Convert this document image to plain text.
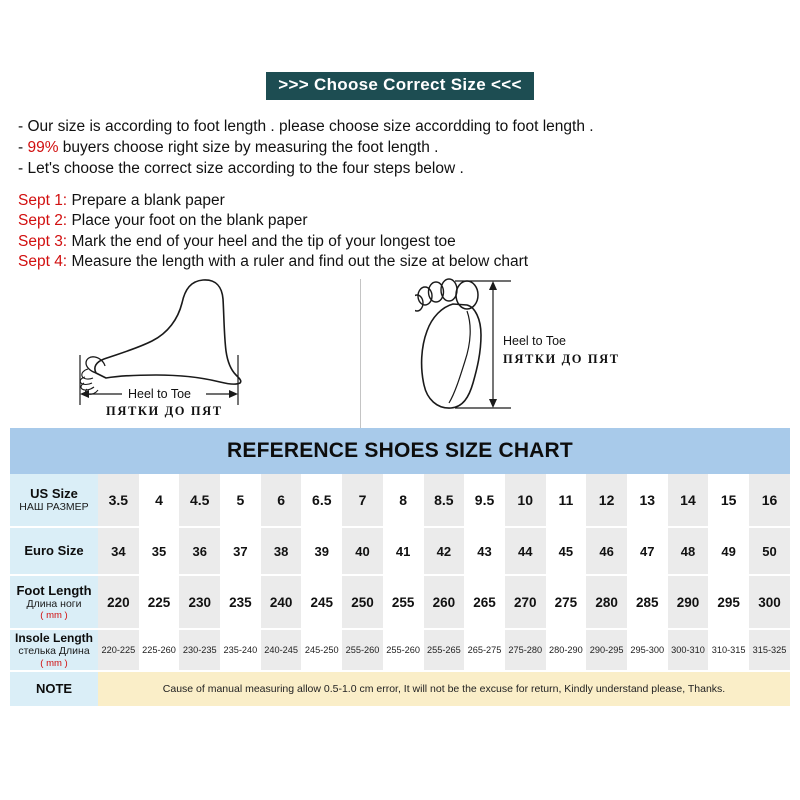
>>> Choose Correct Size <<<
- Our size is according to foot length . please choose size accordding to foot length .
- 99% buyers choose right size by measuring the foot length .
- Let's choose the correct size according to the four steps below .
Sept 1: Prepare a blank paper
Sept 2: Place your foot on the blank paper
Sept 3: Mark the end of your heel and the tip of your longest toe
Sept 4: Measure the length with a ruler and find out the size at below chart
Heel to Toe
ПЯТКИ ДО ПЯТ
Heel to Toe
ПЯТКИ ДО ПЯТ
REFERENCE SHOES SIZE CHART																	

US Size
НАШ РАЗМЕР	3.5	4	4.5	5	6	6.5	7	8	8.5	9.5	10	11	12	13	14	15	16

Euro Size	34	35	36	37	38	39	40	41	42	43	44	45	46	47	48	49	50

Foot Length
Длина ноги
( mm )	220	225	230	235	240	245	250	255	260	265	270	275	280	285	290	295	300

Insole Length
стелька Длина
( mm )	220-225	225-260	230-235	235-240	240-245	245-250	255-260	255-260	255-265	265-275	275-280	280-290	290-295	295-300	300-310	310-315	315-325

NOTE	Cause of manual measuring allow 0.5-1.0 cm error, It will not be the excuse for return, Kindly understand please, Thanks.																
